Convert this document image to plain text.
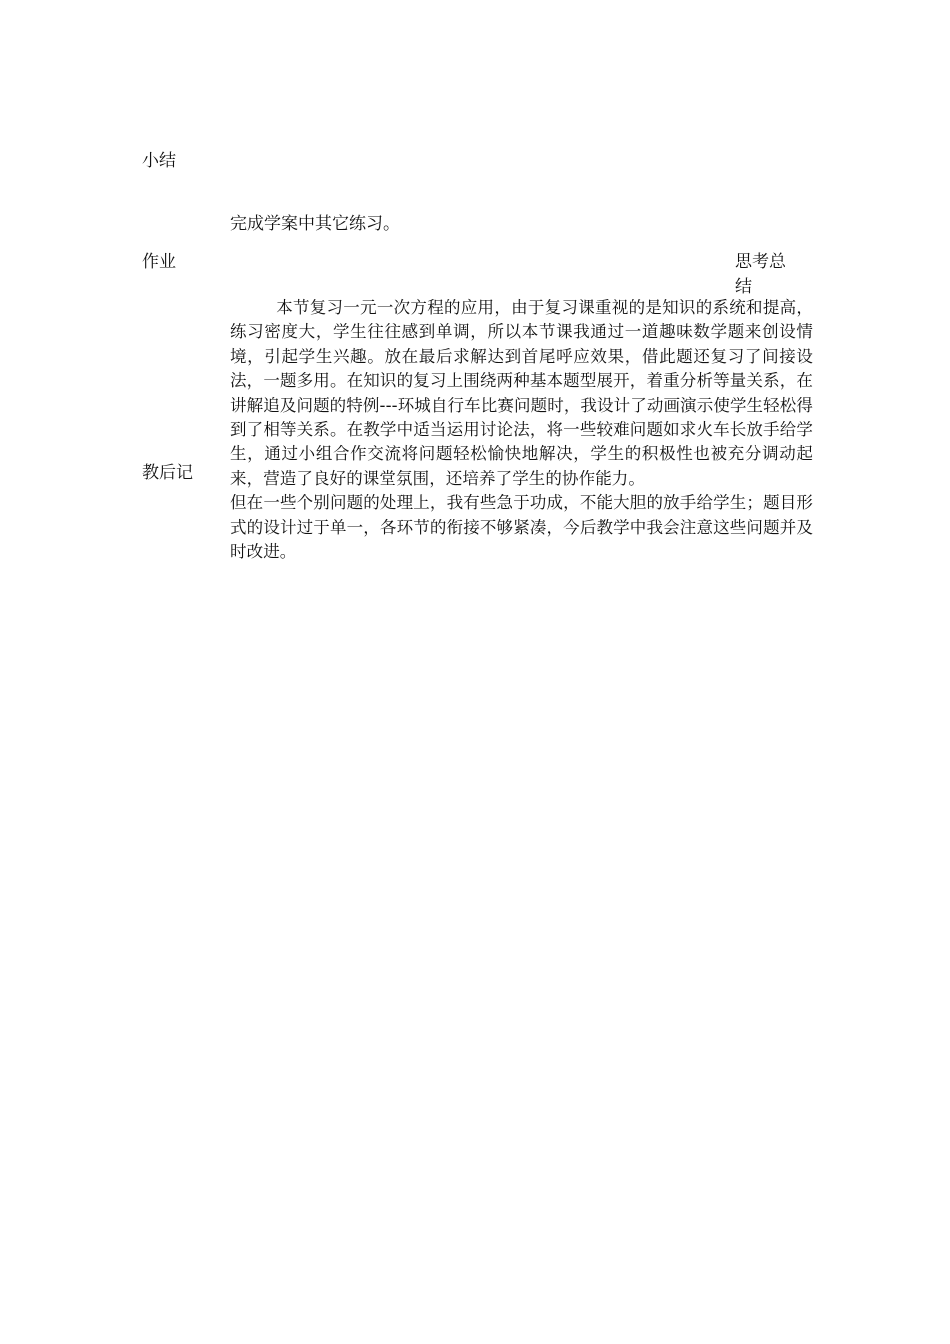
小结
完成学案中其它练习。
作业	思考总结

本节复习一元一次方程的应用，由于复习课重视的是知识的系统和提高，练习密度大，学生往往感到单调，所以本节课我通过一道趣味数学题来创设情境，引起学生兴趣。放在最后求解达到首尾呼应效果，借此题还复习了间接设法，一题多用。在知识的复习上围绕两种基本题型展开，着重分析等量关系，在讲解追及问题的特例---环城自行车比赛问题时，我设计了动画演示使学生轻松得到了相等关系。在教学中适当运用讨论法，将一些较难问题如求火车长放手给学生，通过小组合作交流将问题轻松愉快地解决，学生的积极性也被充分调动起来，营造了良好的课堂氛围，还培养了学生的协作能力。

但在一些个别问题的处理上，我有些急于功成，不能大胆的放手给学生；题目形式的设计过于单一，各环节的衔接不够紧凑，今后教学中我会注意这些问题并及时改进。

教后记
